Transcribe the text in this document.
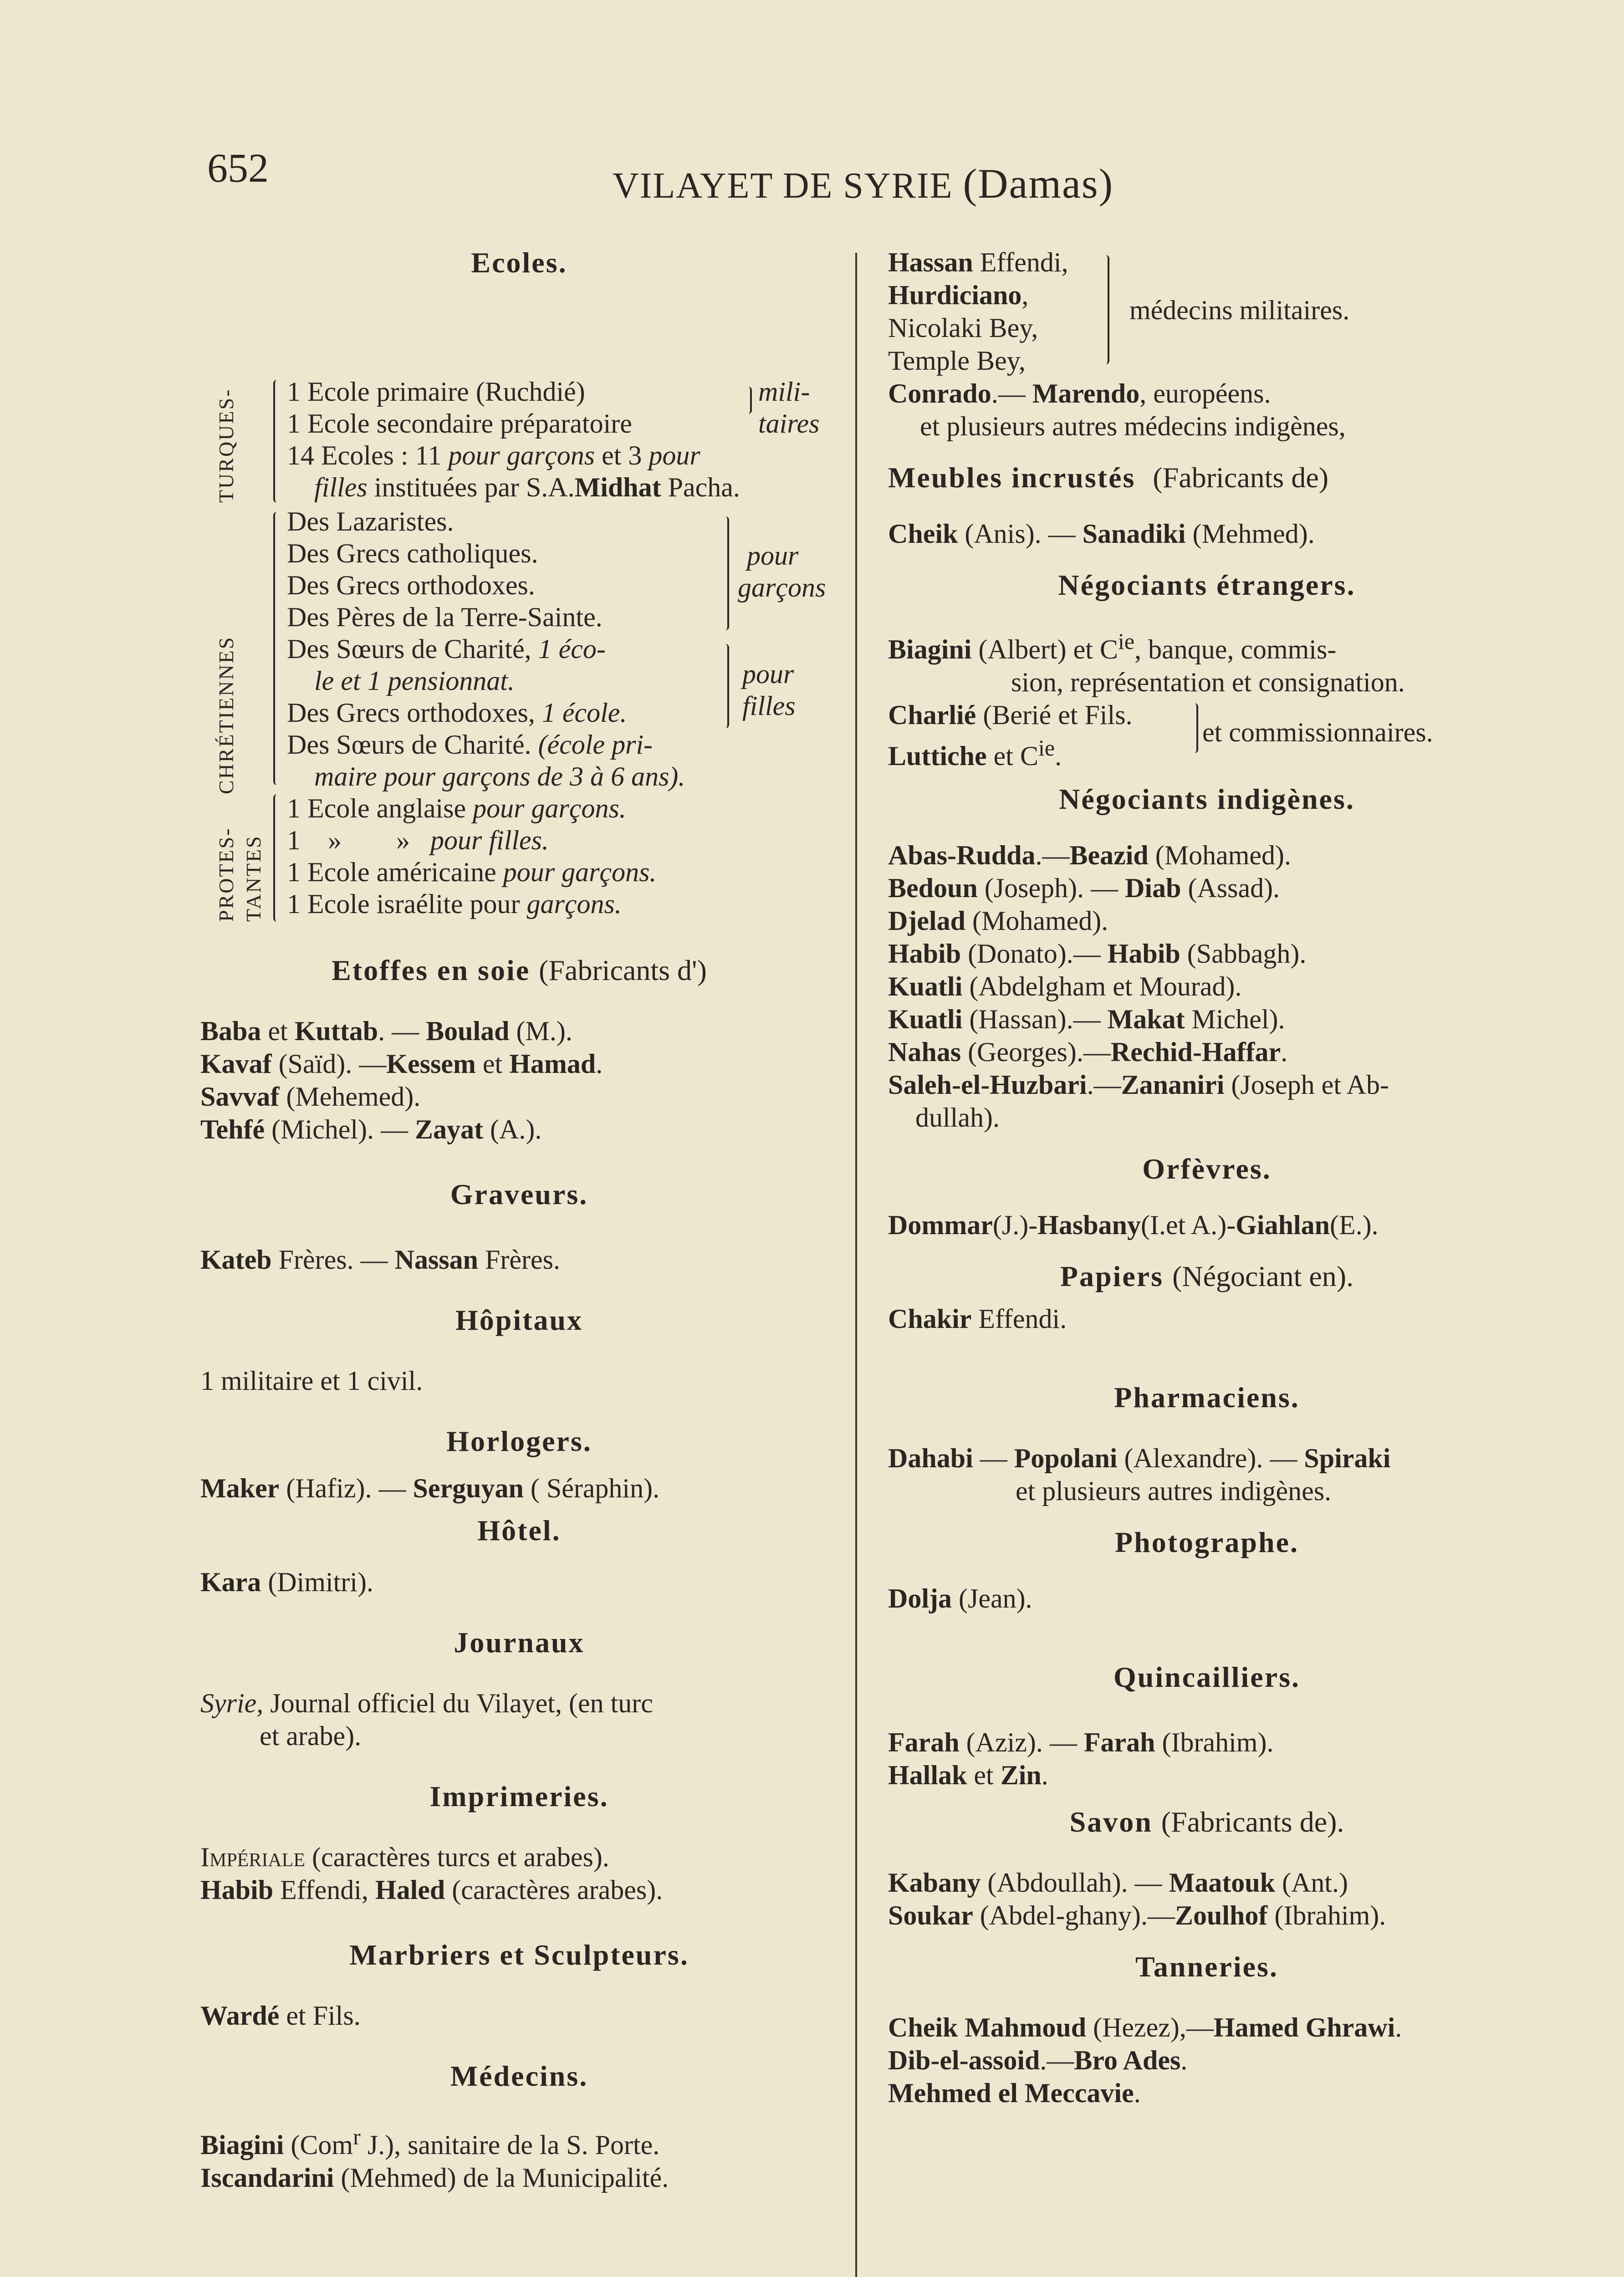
652	VILAYET DE SYRIE (Damas)

Ecoles.

TURQUES-
CHRÉTIENNES
PROTES- TANTES
1 Ecole primaire (Ruchdié)
1 Ecole secondaire préparatoire
mili-
taires
14 Ecoles : 11 pour garçons et 3 pour
filles instituées par S.A.Midhat Pacha.
Des Lazaristes.
Des Grecs catholiques.
Des Grecs orthodoxes.
Des Pères de la Terre-Sainte.
pour
garçons
Des Sœurs de Charité, 1 éco-
le et 1 pensionnat.
Des Grecs orthodoxes, 1 école.
pour
filles
Des Sœurs de Charité. (école pri-
maire pour garçons de 3 à 6 ans).
1 Ecole anglaise pour garçons.
1 » » pour filles.
1 Ecole américaine pour garçons.
1 Ecole israélite pour garçons.

Etoffes en soie (Fabricants d')

Baba et Kuttab. — Boulad (M.).

Kavaf (Saïd). —Kessem et Hamad.

Savvaf (Mehemed).

Tehfé (Michel). — Zayat (A.).

Graveurs.

Kateb Frères. — Nassan Frères.

Hôpitaux

1 militaire et 1 civil.

Horlogers.

Maker (Hafiz). — Serguyan ( Séraphin).

Hôtel.

Kara (Dimitri).

Journaux

Syrie, Journal officiel du Vilayet, (en turc

et arabe).

Imprimeries.

Impériale (caractères turcs et arabes).

Habib Effendi, Haled (caractères arabes).

Marbriers et Sculpteurs.

Wardé et Fils.

Médecins.

Biagini (Com$^r$ J.), sanitaire de la S. Porte.

Iscandarini (Mehmed) de la Municipalité.

Hassan Effendi,

Hurdiciano,

Nicolaki Bey,

Temple Bey,

médecins militaires.

Conrado.— Marendo, européens.

et plusieurs autres médecins indigènes,

Meubles incrustés (Fabricants de)

Cheik (Anis). — Sanadiki (Mehmed).

Négociants étrangers.

Biagini (Albert) et $C^{ie}$, banque, commis-

sion, représentation et consignation.

Charlié (Berié et Fils.

Luttiche et $C^{ie}$.

et commissionnaires.

Négociants indigènes.

Abas-Rudda.—Beazid (Mohamed).

Bedoun (Joseph). — Diab (Assad).

Djelad (Mohamed).

Habib (Donato).— Habib (Sabbagh).

Kuatli (Abdelgham et Mourad).

Kuatli (Hassan).— Makat Michel).

Nahas (Georges).—Rechid-Haffar.

Saleh-el-Huzbari.—Zananiri (Joseph et Ab-

dullah).

Orfèvres.

Dommar(J.)-Hasbany(I.et A.)-Giahlan(E.).

Papiers (Négociant en).

Chakir Effendi.

Pharmaciens.

Dahabi — Popolani (Alexandre). — Spiraki

et plusieurs autres indigènes.

Photographe.

Dolja (Jean).

Quincailliers.

Farah (Aziz). — Farah (Ibrahim).

Hallak et Zin.

Savon (Fabricants de).

Kabany (Abdoullah). — Maatouk (Ant.)

Soukar (Abdel-ghany).—Zoulhof (Ibrahim).

Tanneries.

Cheik Mahmoud (Hezez),—Hamed Ghrawi.

Dib-el-assoid.—Bro Ades.

Mehmed el Meccavie.
